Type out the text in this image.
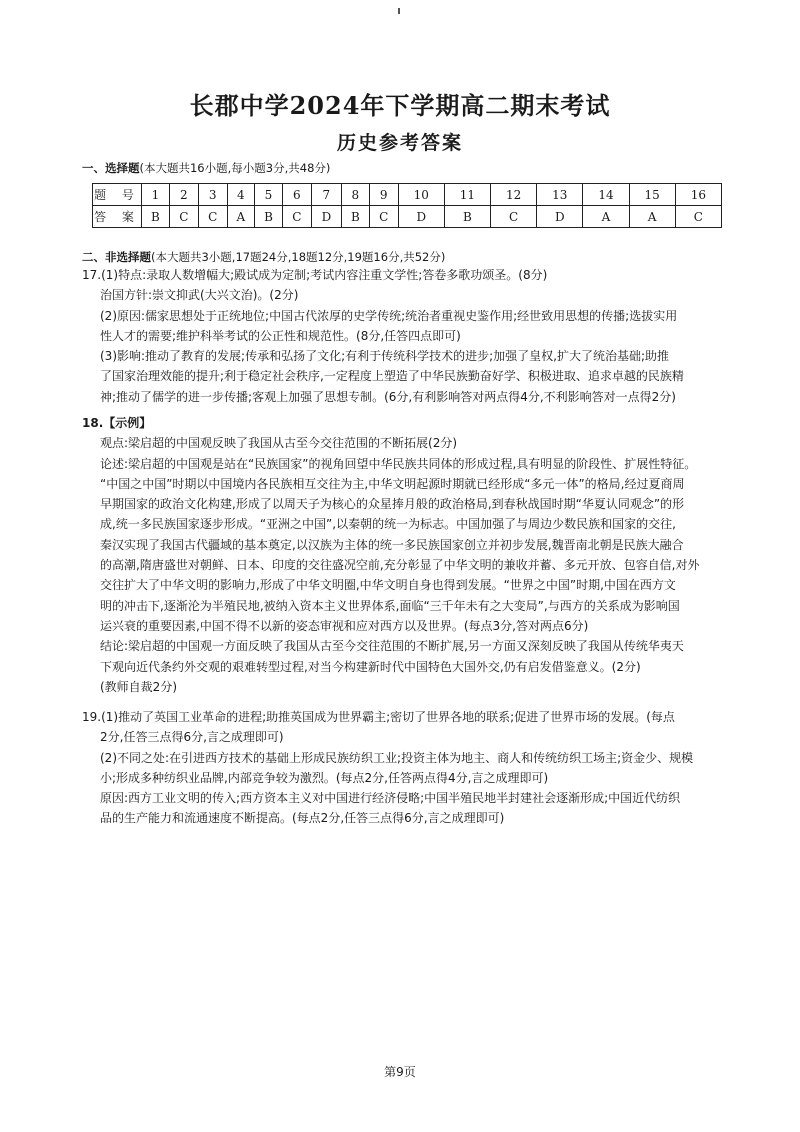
长郡中学2024年下学期高二期末考试
历史参考答案
一、选择题(本大题共16小题,每小题3分,共48分)
题 号	1	2	3	4	5	6	7	8	9	10	11	12	13	14	15	16
答 案	B	C	C	A	B	C	D	B	C	D	B	C	D	A	A	C
二、非选择题(本大题共3小题,17题24分,18题12分,19题16分,共52分)
17.(1)特点:录取人数增幅大;殿试成为定制;考试内容注重文学性;答卷多歌功颂圣。(8分)
治国方针:崇文抑武(大兴文治)。(2分)
(2)原因:儒家思想处于正统地位;中国古代浓厚的史学传统;统治者重视史鉴作用;经世致用思想的传播;选拔实用
性人才的需要;维护科举考试的公正性和规范性。(8分,任答四点即可)
(3)影响:推动了教育的发展;传承和弘扬了文化;有利于传统科学技术的进步;加强了皇权,扩大了统治基础;助推
了国家治理效能的提升;利于稳定社会秩序,一定程度上塑造了中华民族勤奋好学、积极进取、追求卓越的民族精
神;推动了儒学的进一步传播;客观上加强了思想专制。(6分,有利影响答对两点得4分,不利影响答对一点得2分)
18.【示例】
观点:梁启超的中国观反映了我国从古至今交往范围的不断拓展(2分)
论述:梁启超的中国观是站在“民族国家”的视角回望中华民族共同体的形成过程,具有明显的阶段性、扩展性特征。
“中国之中国”时期以中国境内各民族相互交往为主,中华文明起源时期就已经形成“多元一体”的格局,经过夏商周
早期国家的政治文化构建,形成了以周天子为核心的众星捧月般的政治格局,到春秋战国时期“华夏认同观念”的形
成,统一多民族国家逐步形成。“亚洲之中国”,以秦朝的统一为标志。中国加强了与周边少数民族和国家的交往,
秦汉实现了我国古代疆域的基本奠定,以汉族为主体的统一多民族国家创立并初步发展,魏晋南北朝是民族大融合
的高潮,隋唐盛世对朝鲜、日本、印度的交往盛况空前,充分彰显了中华文明的兼收并蓄、多元开放、包容自信,对外
交往扩大了中华文明的影响力,形成了中华文明圈,中华文明自身也得到发展。“世界之中国”时期,中国在西方文
明的冲击下,逐渐沦为半殖民地,被纳入资本主义世界体系,面临“三千年未有之大变局”,与西方的关系成为影响国
运兴衰的重要因素,中国不得不以新的姿态审视和应对西方以及世界。(每点3分,答对两点6分)
结论:梁启超的中国观一方面反映了我国从古至今交往范围的不断扩展,另一方面又深刻反映了我国从传统华夷天
下观向近代条约外交观的艰难转型过程,对当今构建新时代中国特色大国外交,仍有启发借鉴意义。(2分)
(教师自裁2分)
19.(1)推动了英国工业革命的进程;助推英国成为世界霸主;密切了世界各地的联系;促进了世界市场的发展。(每点
2分,任答三点得6分,言之成理即可)
(2)不同之处:在引进西方技术的基础上形成民族纺织工业;投资主体为地主、商人和传统纺织工场主;资金少、规模
小;形成多种纺织业品牌,内部竞争较为激烈。(每点2分,任答两点得4分,言之成理即可)
原因:西方工业文明的传入;西方资本主义对中国进行经济侵略;中国半殖民地半封建社会逐渐形成;中国近代纺织
品的生产能力和流通速度不断提高。(每点2分,任答三点得6分,言之成理即可)
第9页
